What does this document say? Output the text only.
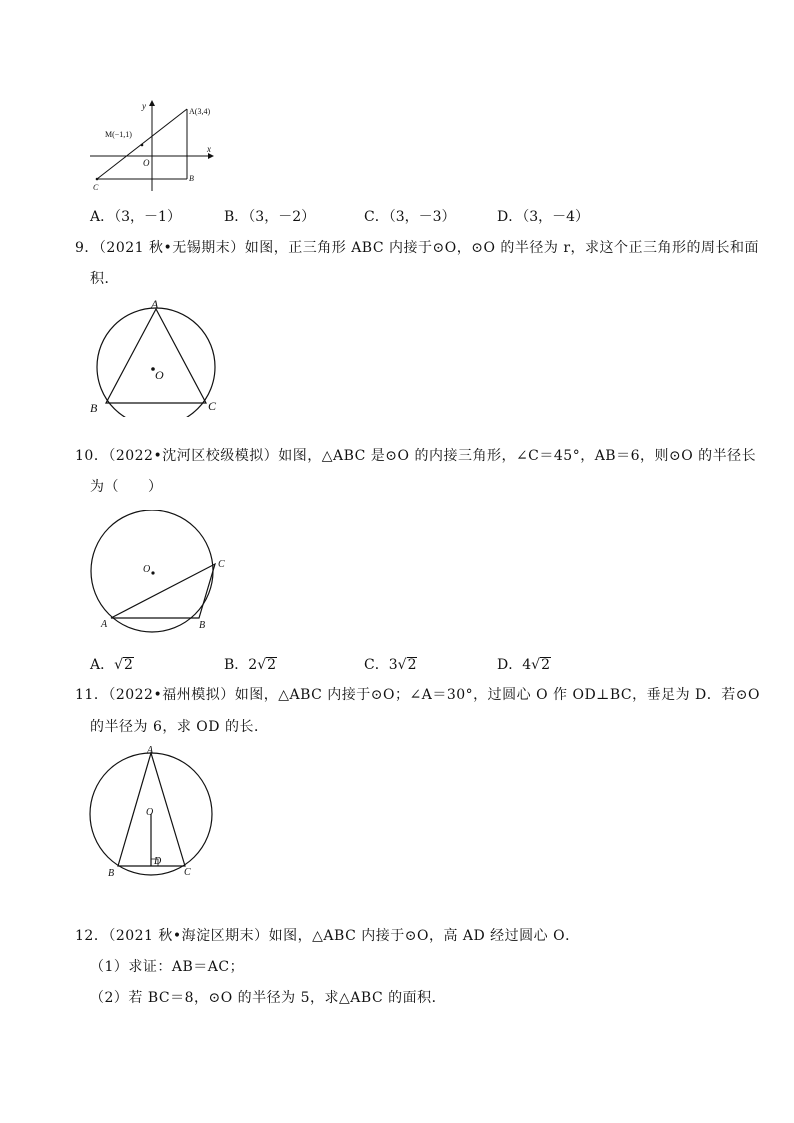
y
x
O
A(3,4)
M(−1,1)
B
C
A．（3，－1）	B．（3，－2）	C．（3，－3）	D．（3，－4）
9．（2021 秋•无锡期末）如图，正三角形 ABC 内接于⊙O，⊙O 的半径为 r，求这个正三角形的周长和面
积．
A
O
B	C
10．（2022•沈河区校级模拟）如图，△ABC 是⊙O 的内接三角形，∠C＝45°，AB＝6，则⊙O 的半径长
为（　　）
O	C
A	B
A．√2	B．2√2	C．3√2	D．4√2
11．（2022•福州模拟）如图，△ABC 内接于⊙O；∠A＝30°，过圆心 O 作 OD⊥BC，垂足为 D．若⊙O
的半径为 6，求 OD 的长．
A
O
D
B	C
12．（2021 秋•海淀区期末）如图，△ABC 内接于⊙O，高 AD 经过圆心 O．
（1）求证：AB＝AC；
（2）若 BC＝8，⊙O 的半径为 5，求△ABC 的面积．
